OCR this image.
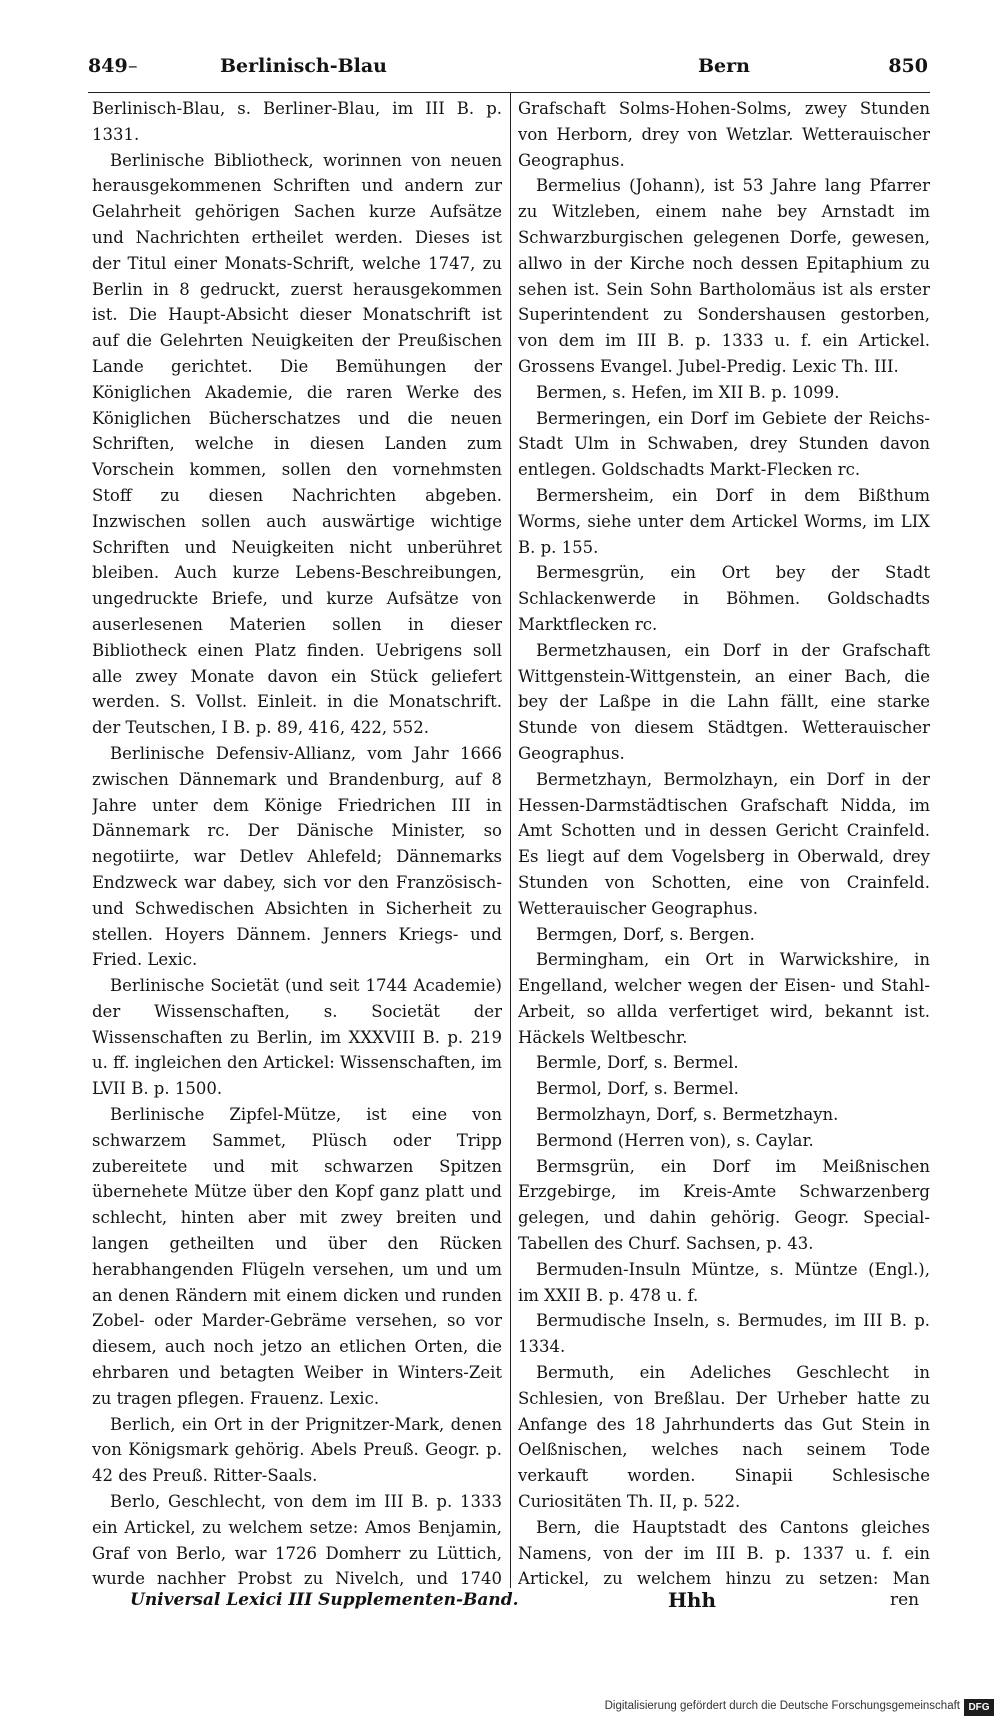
849 –	Berlinisch-Blau	Bern	850

Berlinisch-Blau, s. Berliner-Blau, im III B. p. 1331.

Berlinische Bibliotheck, worinnen von neuen herausgekommenen Schriften und andern zur Gelahrheit gehörigen Sachen kurze Aufsätze und Nachrichten ertheilet werden. Dieses ist der Titul einer Monats-Schrift, welche 1747, zu Berlin in 8 gedruckt, zuerst herausgekommen ist. Die Haupt-Absicht dieser Monatschrift ist auf die Gelehrten Neuigkeiten der Preußischen Lande gerichtet. Die Bemühungen der Königlichen Akademie, die raren Werke des Königlichen Bücherschatzes und die neuen Schriften, welche in diesen Landen zum Vorschein kommen, sollen den vornehmsten Stoff zu diesen Nachrichten abgeben. Inzwischen sollen auch auswärtige wichtige Schriften und Neuigkeiten nicht unberühret bleiben. Auch kurze Lebens-Beschreibungen, ungedruckte Briefe, und kurze Aufsätze von auserlesenen Materien sollen in dieser Bibliotheck einen Platz finden. Uebrigens soll alle zwey Monate davon ein Stück geliefert werden. S. Vollst. Einleit. in die Monatschrift. der Teutschen, I B. p. 89, 416, 422, 552.

Berlinische Defensiv-Allianz, vom Jahr 1666 zwischen Dännemark und Brandenburg, auf 8 Jahre unter dem Könige Friedrichen III in Dännemark rc. Der Dänische Minister, so negotiirte, war Detlev Ahlefeld; Dännemarks Endzweck war dabey, sich vor den Französisch- und Schwedischen Absichten in Sicherheit zu stellen. Hoyers Dännem. Jenners Kriegs- und Fried. Lexic.

Berlinische Societät (und seit 1744 Academie) der Wissenschaften, s. Societät der Wissenschaften zu Berlin, im XXXVIII B. p. 219 u. ff. ingleichen den Artickel: Wissenschaften, im LVII B. p. 1500.

Berlinische Zipfel-Mütze, ist eine von schwarzem Sammet, Plüsch oder Tripp zubereitete und mit schwarzen Spitzen übernehete Mütze über den Kopf ganz platt und schlecht, hinten aber mit zwey breiten und langen getheilten und über den Rücken herabhangenden Flügeln versehen, um und um an denen Rändern mit einem dicken und runden Zobel- oder Marder-Gebräme versehen, so vor diesem, auch noch jetzo an etlichen Orten, die ehrbaren und betagten Weiber in Winters-Zeit zu tragen pflegen. Frauenz. Lexic.

Berlich, ein Ort in der Prignitzer-Mark, denen von Königsmark gehörig. Abels Preuß. Geogr. p. 42 des Preuß. Ritter-Saals.

Berlo, Geschlecht, von dem im III B. p. 1333 ein Artickel, zu welchem setze: Amos Benjamin, Graf von Berlo, war 1726 Domherr zu Lüttich, wurde nachher Probst zu Nivelch, und 1740

Grafschaft Solms-Hohen-Solms, zwey Stunden von Herborn, drey von Wetzlar. Wetterauischer Geographus.

Bermelius (Johann), ist 53 Jahre lang Pfarrer zu Witzleben, einem nahe bey Arnstadt im Schwarzburgischen gelegenen Dorfe, gewesen, allwo in der Kirche noch dessen Epitaphium zu sehen ist. Sein Sohn Bartholomäus ist als erster Superintendent zu Sondershausen gestorben, von dem im III B. p. 1333 u. f. ein Artickel. Grossens Evangel. Jubel-Predig. Lexic Th. III.

Bermen, s. Hefen, im XII B. p. 1099.

Bermeringen, ein Dorf im Gebiete der Reichs-Stadt Ulm in Schwaben, drey Stunden davon entlegen. Goldschadts Markt-Flecken rc.

Bermersheim, ein Dorf in dem Bißthum Worms, siehe unter dem Artickel Worms, im LIX B. p. 155.

Bermesgrün, ein Ort bey der Stadt Schlackenwerde in Böhmen. Goldschadts Marktflecken rc.

Bermetzhausen, ein Dorf in der Grafschaft Wittgenstein-Wittgenstein, an einer Bach, die bey der Laßpe in die Lahn fällt, eine starke Stunde von diesem Städtgen. Wetterauischer Geographus.

Bermetzhayn, Bermolzhayn, ein Dorf in der Hessen-Darmstädtischen Grafschaft Nidda, im Amt Schotten und in dessen Gericht Crainfeld. Es liegt auf dem Vogelsberg in Oberwald, drey Stunden von Schotten, eine von Crainfeld. Wetterauischer Geographus.

Bermgen, Dorf, s. Bergen.

Bermingham, ein Ort in Warwickshire, in Engelland, welcher wegen der Eisen- und Stahl-Arbeit, so allda verfertiget wird, bekannt ist. Häckels Weltbeschr.

Bermle, Dorf, s. Bermel.

Bermol, Dorf, s. Bermel.

Bermolzhayn, Dorf, s. Bermetzhayn.

Bermond (Herren von), s. Caylar.

Bermsgrün, ein Dorf im Meißnischen Erzgebirge, im Kreis-Amte Schwarzenberg gelegen, und dahin gehörig. Geogr. Special-Tabellen des Churf. Sachsen, p. 43.

Bermuden-Insuln Müntze, s. Müntze (Engl.), im XXII B. p. 478 u. f.

Bermudische Inseln, s. Bermudes, im III B. p. 1334.

Bermuth, ein Adeliches Geschlecht in Schlesien, von Breßlau. Der Urheber hatte zu Anfange des 18 Jahrhunderts das Gut Stein in Oelßnischen, welches nach seinem Tode verkauft worden. Sinapii Schlesische Curiositäten Th. II, p. 522.

Bern, die Hauptstadt des Cantons gleiches Namens, von der im III B. p. 1337 u. f. ein Artickel, zu welchem hinzu zu setzen: Man

Universal Lexici III Supplementen-Band.	Hhh	ren
Digitalisierung gefördert durch die Deutsche Forschungsgemeinschaft DFG
